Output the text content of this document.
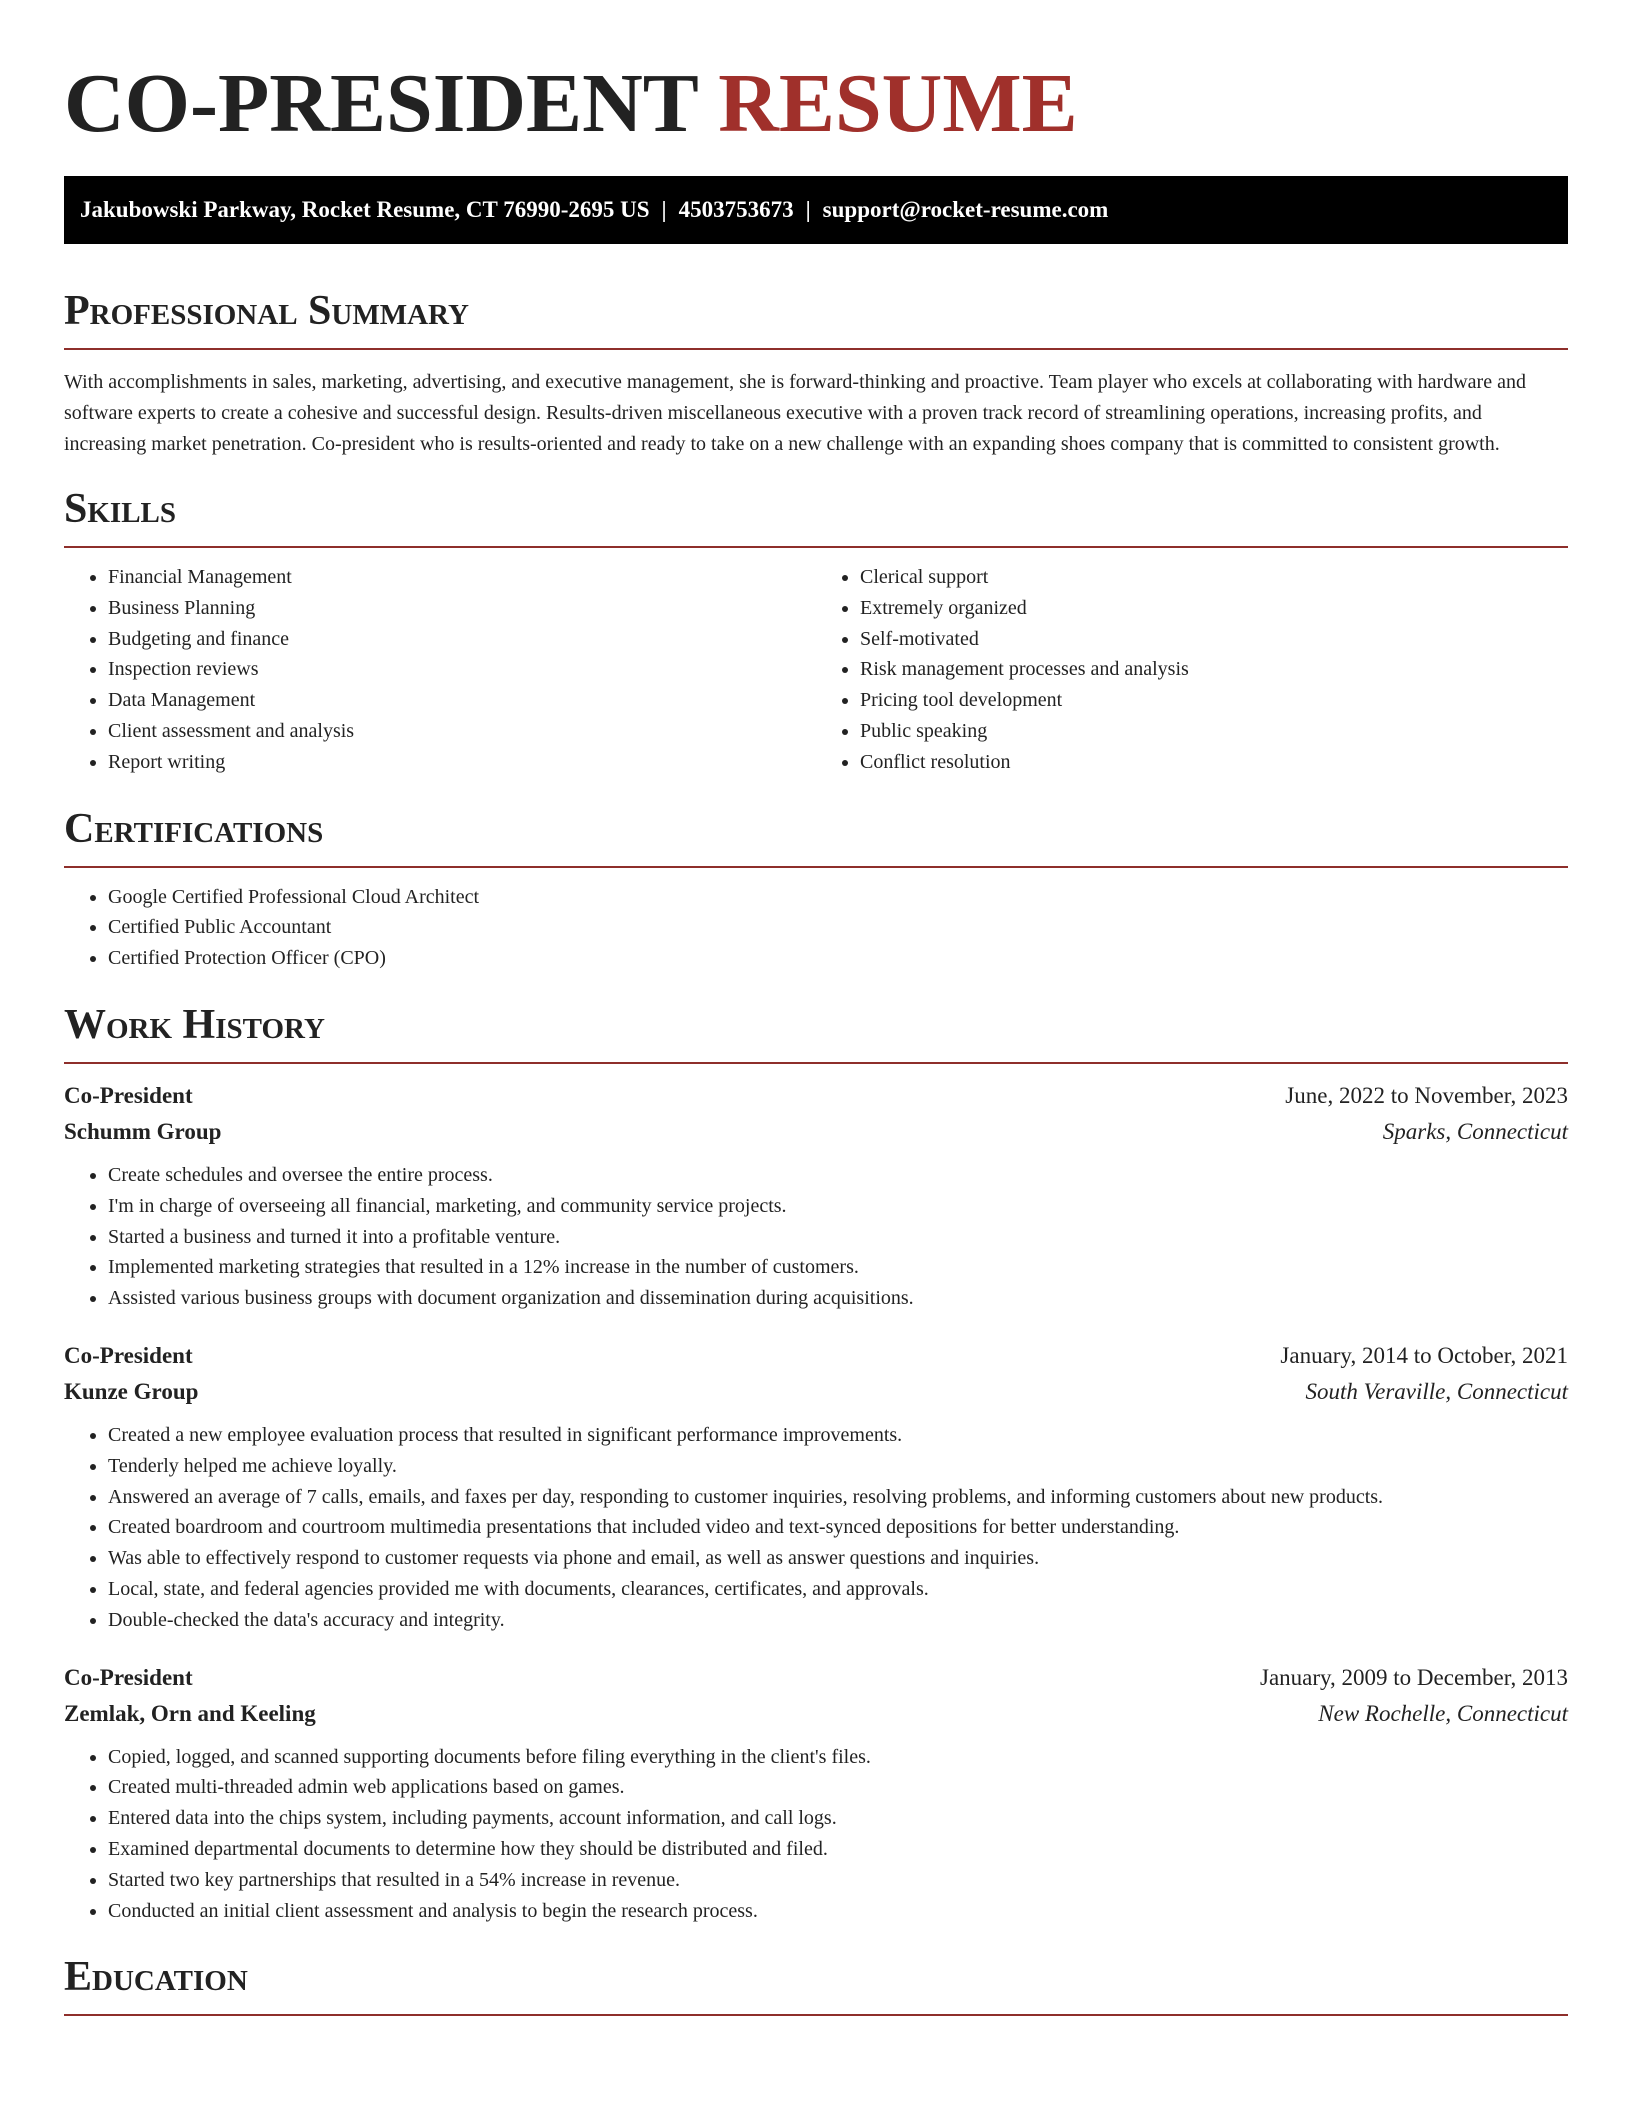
CO-PRESIDENT RESUME
Jakubowski Parkway, Rocket Resume, CT 76990-2695 US | 4503753673 | support@rocket-resume.com
Professional Summary

With accomplishments in sales, marketing, advertising, and executive management, she is forward-thinking and proactive. Team player who excels at collaborating with hardware and software experts to create a cohesive and successful design. Results-driven miscellaneous executive with a proven track record of streamlining operations, increasing profits, and increasing market penetration. Co-president who is results-oriented and ready to take on a new challenge with an expanding shoes company that is committed to consistent growth.

Skills
• Financial Management
• Business Planning
• Budgeting and finance
• Inspection reviews
• Data Management
• Client assessment and analysis
• Report writing
• Clerical support
• Extremely organized
• Self-motivated
• Risk management processes and analysis
• Pricing tool development
• Public speaking
• Conflict resolution
Certifications
• Google Certified Professional Cloud Architect
• Certified Public Accountant
• Certified Protection Officer (CPO)
Work History
Co-President	June, 2022 to November, 2023
Schumm Group	Sparks, Connecticut
• Create schedules and oversee the entire process.
• I'm in charge of overseeing all financial, marketing, and community service projects.
• Started a business and turned it into a profitable venture.
• Implemented marketing strategies that resulted in a 12% increase in the number of customers.
• Assisted various business groups with document organization and dissemination during acquisitions.
Co-President	January, 2014 to October, 2021
Kunze Group	South Veraville, Connecticut
• Created a new employee evaluation process that resulted in significant performance improvements.
• Tenderly helped me achieve loyally.
• Answered an average of 7 calls, emails, and faxes per day, responding to customer inquiries, resolving problems, and informing customers about new products.
• Created boardroom and courtroom multimedia presentations that included video and text-synced depositions for better understanding.
• Was able to effectively respond to customer requests via phone and email, as well as answer questions and inquiries.
• Local, state, and federal agencies provided me with documents, clearances, certificates, and approvals.
• Double-checked the data's accuracy and integrity.
Co-President	January, 2009 to December, 2013
Zemlak, Orn and Keeling	New Rochelle, Connecticut
• Copied, logged, and scanned supporting documents before filing everything in the client's files.
• Created multi-threaded admin web applications based on games.
• Entered data into the chips system, including payments, account information, and call logs.
• Examined departmental documents to determine how they should be distributed and filed.
• Started two key partnerships that resulted in a 54% increase in revenue.
• Conducted an initial client assessment and analysis to begin the research process.
Education
